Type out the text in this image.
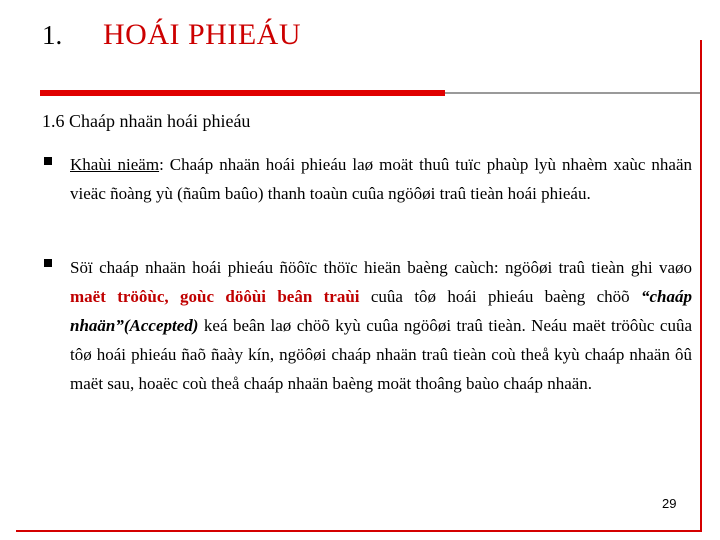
1. HOÁI PHIEÁU
1.6 Chaáp nhaän hoái phieáu
Khaùi nieäm: Chaáp nhaän hoái phieáu laø moät thuû tuïc phaùp lyù nhaèm xaùc nhaän vieäc ñoàng yù (ñaûm baûo) thanh toaùn cuûa ngöôøi traû tieàn hoái phieáu.
Söï chaáp nhaän hoái phieáu ñöôïc thöïc hieän baèng caùch: ngöôøi traû tieàn ghi vaøo maët tröôùc, goùc döôùi beân traùi cuûa tôø hoái phieáu baèng chöõ “chaáp nhaän”(Accepted) keá beân laø chöõ kyù cuûa ngöôøi traû tieàn. Neáu maët tröôùc cuûa tôø hoái phieáu ñaõ ñaày kín, ngöôøi chaáp nhaän traû tieàn coù theå kyù chaáp nhaän ôû maët sau, hoaëc coù theå chaáp nhaän baèng moät thoâng baùo chaáp nhaän.
29
